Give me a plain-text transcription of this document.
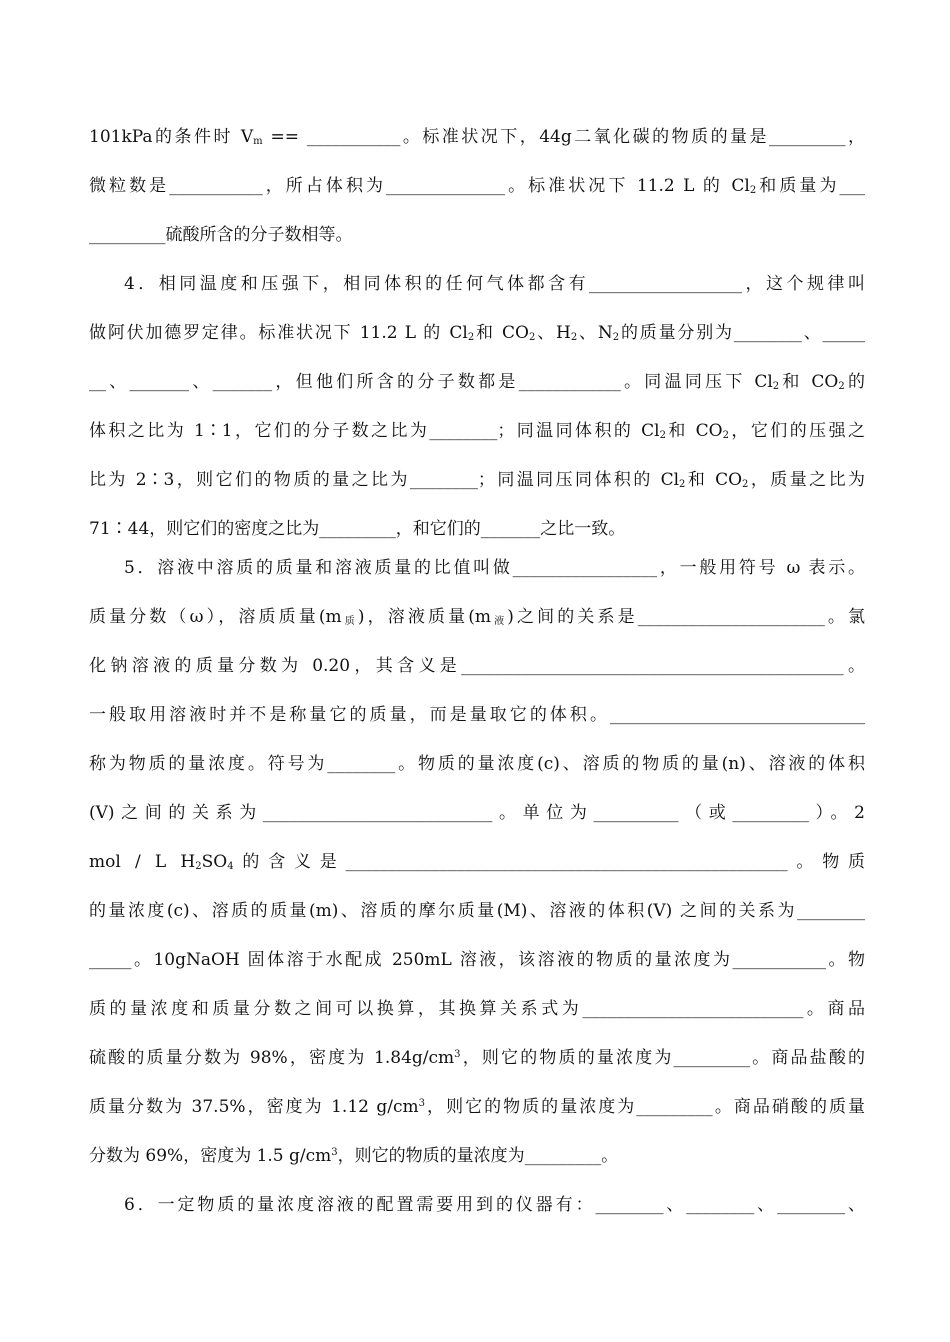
101kPa的条件时 $V_m$ == ___________。标准状况下，44g二氧化碳的物质的量是_________，
微粒数是___________，所占体积为______________。标准状况下 11.2 L 的 $Cl_2$和质量为___
_________硫酸所含的分子数相等。
4．相同温度和压强下，相同体积的任何气体都含有__________________，这个规律叫
做阿伏加德罗定律。标准状况下 11.2 L 的 $Cl_2$和 $CO_2$、$H_2$、$N_2$的质量分别为________、_____
__、_______、_______，但他们所含的分子数都是____________。同温同压下 $Cl_2$和 $CO_2$的
体积之比为 1∶1，它们的分子数之比为________；同温同体积的 $Cl_2$和 $CO_2$，它们的压强之
比为 2∶3，则它们的物质的量之比为________；同温同压同体积的 $Cl_2$和 $CO_2$，质量之比为
71∶44，则它们的密度之比为_________，和它们的_______之比一致。
5．溶液中溶质的质量和溶液质量的比值叫做_________________，一般用符号 ω 表示。
质量分数（ω），溶质质量$(m_质)$，溶液质量$(m_液)$之间的关系是______________________。氯
化钠溶液的质量分数为 0.20，其含义是_____________________________________________。
一般取用溶液时并不是称量它的质量，而是量取它的体积。______________________________
称为物质的量浓度。符号为________。物质的量浓度(c)、溶质的物质的量(n)、溶液的体积
(V)之间的关系为___________________________。单位为__________（或_________）。2
mol / L $H_2SO_4$的含义是____________________________________________________。物质
的量浓度(c)、溶质的质量(m)、溶质的摩尔质量(M)、溶液的体积(V) 之间的关系为________
_____。10gNaOH 固体溶于水配成 250mL 溶液，该溶液的物质的量浓度为___________。物
质的量浓度和质量分数之间可以换算，其换算关系式为__________________________。商品
硫酸的质量分数为 98%，密度为 $1.84g/cm^3$，则它的物质的量浓度为_________。商品盐酸的
质量分数为 37.5%，密度为 1.12 $g/cm^3$，则它的物质的量浓度为_________。商品硝酸的质量
分数为 69%，密度为 1.5 $g/cm^3$，则它的物质的量浓度为_________。
6．一定物质的量浓度溶液的配置需要用到的仪器有：________、________、________、
